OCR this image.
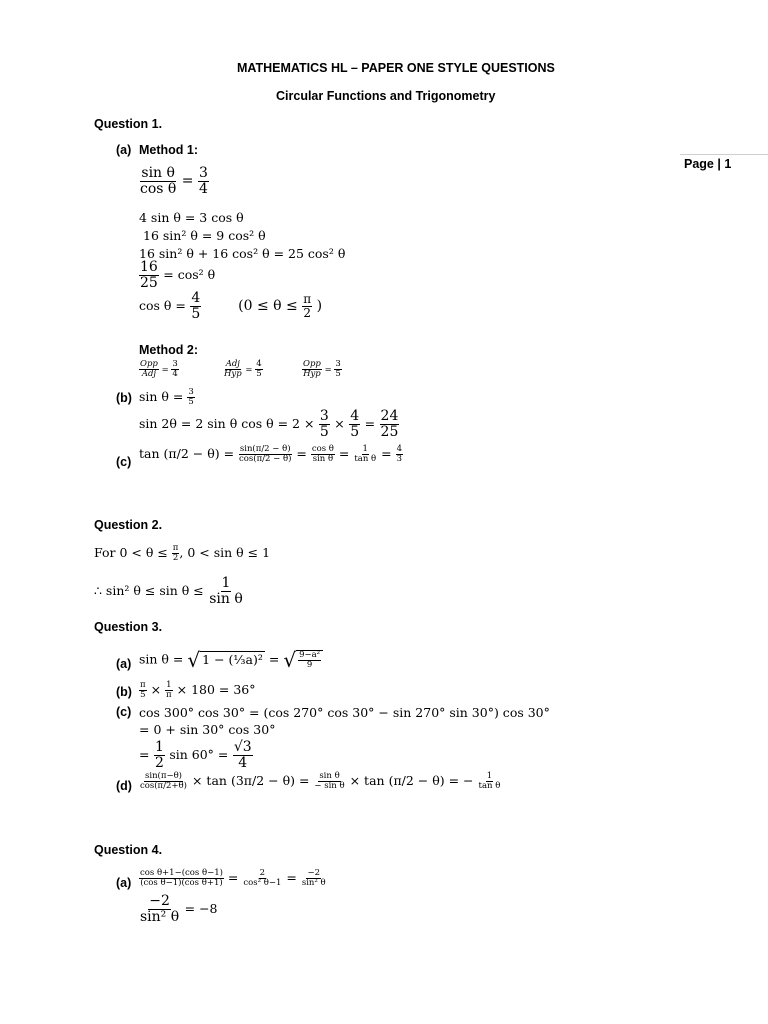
MATHEMATICS HL – PAPER ONE STYLE QUESTIONS
Circular Functions and Trigonometry
Page | 1
Question 1.
(a) Method 1:
$\frac{\text{sin θ}}{\text{cos θ}} = \frac{3}{4}$
4 sin θ = 3 cos θ
16 sin² θ = 9 cos² θ
16 sin² θ + 16 cos² θ = 25 cos² θ
$\frac{16}{25} = \cos^2$ θ
$\cos \theta = \frac{4}{5}$	($0 \le \theta \le \frac{\pi}{2}$ )
Method 2:
$\frac{\text{Opp}}{\text{Adj}} = \frac{3}{4}$	$\frac{\text{Adj}}{\text{Hyp}} = \frac{4}{5}$	$\frac{\text{Opp}}{\text{Hyp}} = \frac{3}{5}$
(b) $\sin \theta = \frac{3}{5}$
sin 2θ = 2 sin θ $\cos \theta = 2 \times \frac{3}{5} \times \frac{4}{5} = \frac{24}{25}$
(c)
$\tan (\pi/2 - \theta) = \frac{\sin(\pi/2 - \theta)}{\cos(\pi/2 - \theta)} = \frac{\text{cos θ}}{\text{sin θ}} = \frac{1}{\text{tan θ}} = \frac{4}{3}$
Question 2.
For $0 < \theta \le \frac{\pi}{2}$ , 0 < sin θ ≤ 1
∴ sin² $\theta \le \sin \theta \le \frac{1}{\text{sin θ}}$
Question 3.
(a) sin θ = √ 1 − (⅓a)² = √ $\frac{\text{9−a²}}{9}$
$(b) \frac{\pi}{5} \times \frac{1}{\pi} \times 180 = 36^\circ$
(c) cos 300° cos 30° = (cos 270° cos 30° − sin 270° sin 30°) cos 30°
= 0 + sin 30° cos 30°
= $\frac{1}{2}$ $\sin 60^\circ = \frac{√3}{4}$
$(d) \frac{\sin(\pi-\theta)}{\cos(\pi/2+\theta)} \times \tan (3\pi/2 - \theta) = \frac{\text{sin θ}}{\text{− sin θ}} \times \tan (\pi/2 - \theta)$ = − $\frac{1}{\text{tan θ}}$
Question 4.
$(a) \frac{\text{cos θ+1−(cos θ−1)}}{\text{(cos θ−1)(cos θ+1)}} = \frac{2}{\text{cos² θ−1}} = \frac{-2}{\text{sin² θ}}$
$\frac{-2}{\text{sin² θ}} = -8$
